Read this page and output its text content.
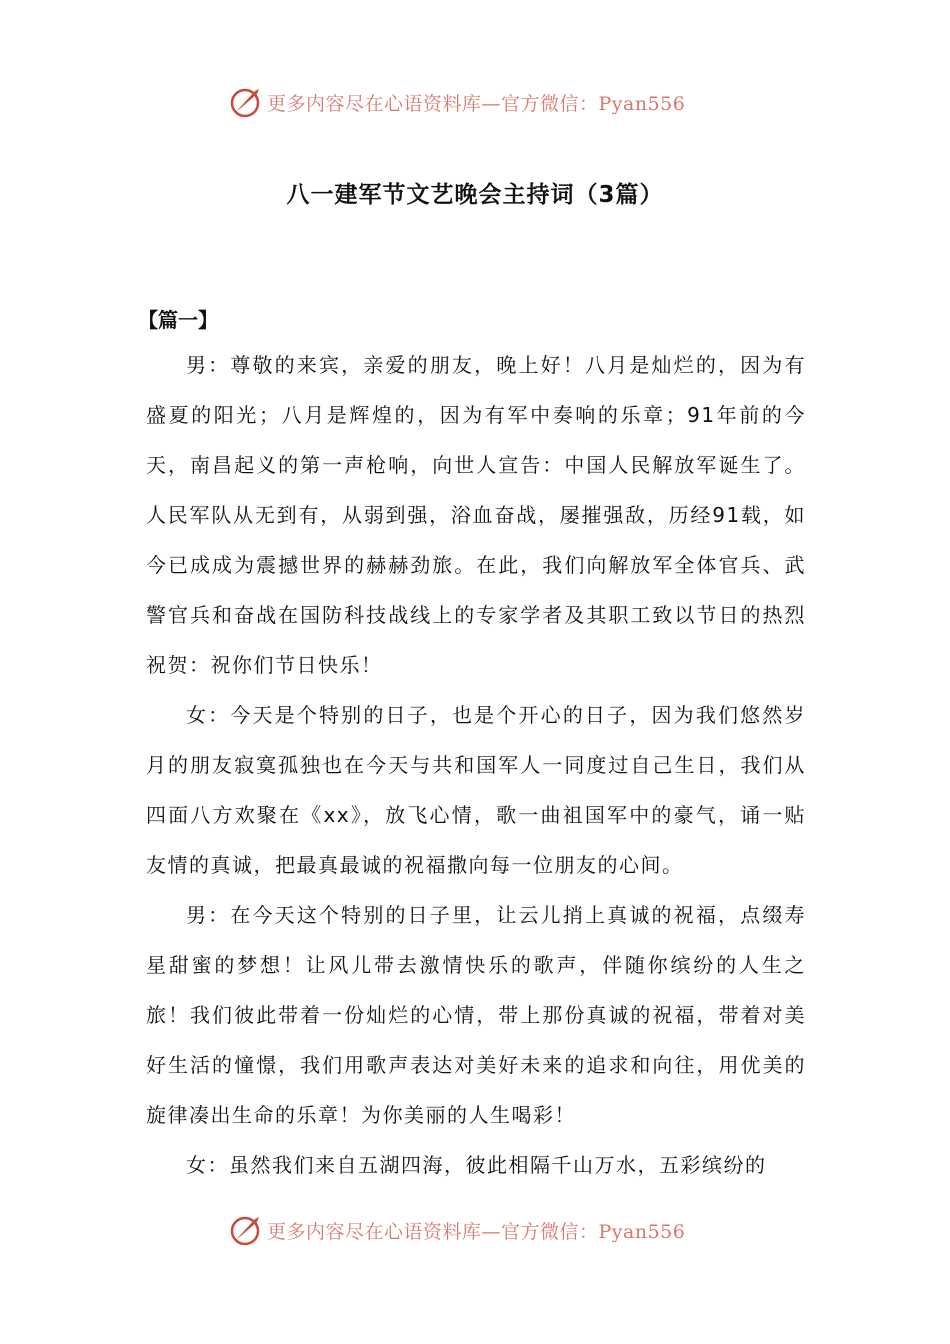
更多内容尽在心语资料库—官方微信：Pyan556
八一建军节文艺晚会主持词（3篇）
【篇一】

男：尊敬的来宾，亲爱的朋友，晚上好！八月是灿烂的，因为有盛夏的阳光；八月是辉煌的，因为有军中奏响的乐章；91年前的今天，南昌起义的第一声枪响，向世人宣告：中国人民解放军诞生了。人民军队从无到有，从弱到强，浴血奋战，屡摧强敌，历经91载，如今已成成为震撼世界的赫赫劲旅。在此，我们向解放军全体官兵、武警官兵和奋战在国防科技战线上的专家学者及其职工致以节日的热烈祝贺：祝你们节日快乐！

女：今天是个特别的日子，也是个开心的日子，因为我们悠然岁月的朋友寂寞孤独也在今天与共和国军人一同度过自己生日，我们从四面八方欢聚在《xx》，放飞心情，歌一曲祖国军中的豪气，诵一贴友情的真诚，把最真最诚的祝福撒向每一位朋友的心间。

男：在今天这个特别的日子里，让云儿捎上真诚的祝福，点缀寿星甜蜜的梦想！让风儿带去激情快乐的歌声，伴随你缤纷的人生之旅！我们彼此带着一份灿烂的心情，带上那份真诚的祝福，带着对美好生活的憧憬，我们用歌声表达对美好未来的追求和向往，用优美的旋律凑出生命的乐章！为你美丽的人生喝彩！

女：虽然我们来自五湖四海，彼此相隔千山万水，五彩缤纷的

更多内容尽在心语资料库—官方微信：Pyan556
